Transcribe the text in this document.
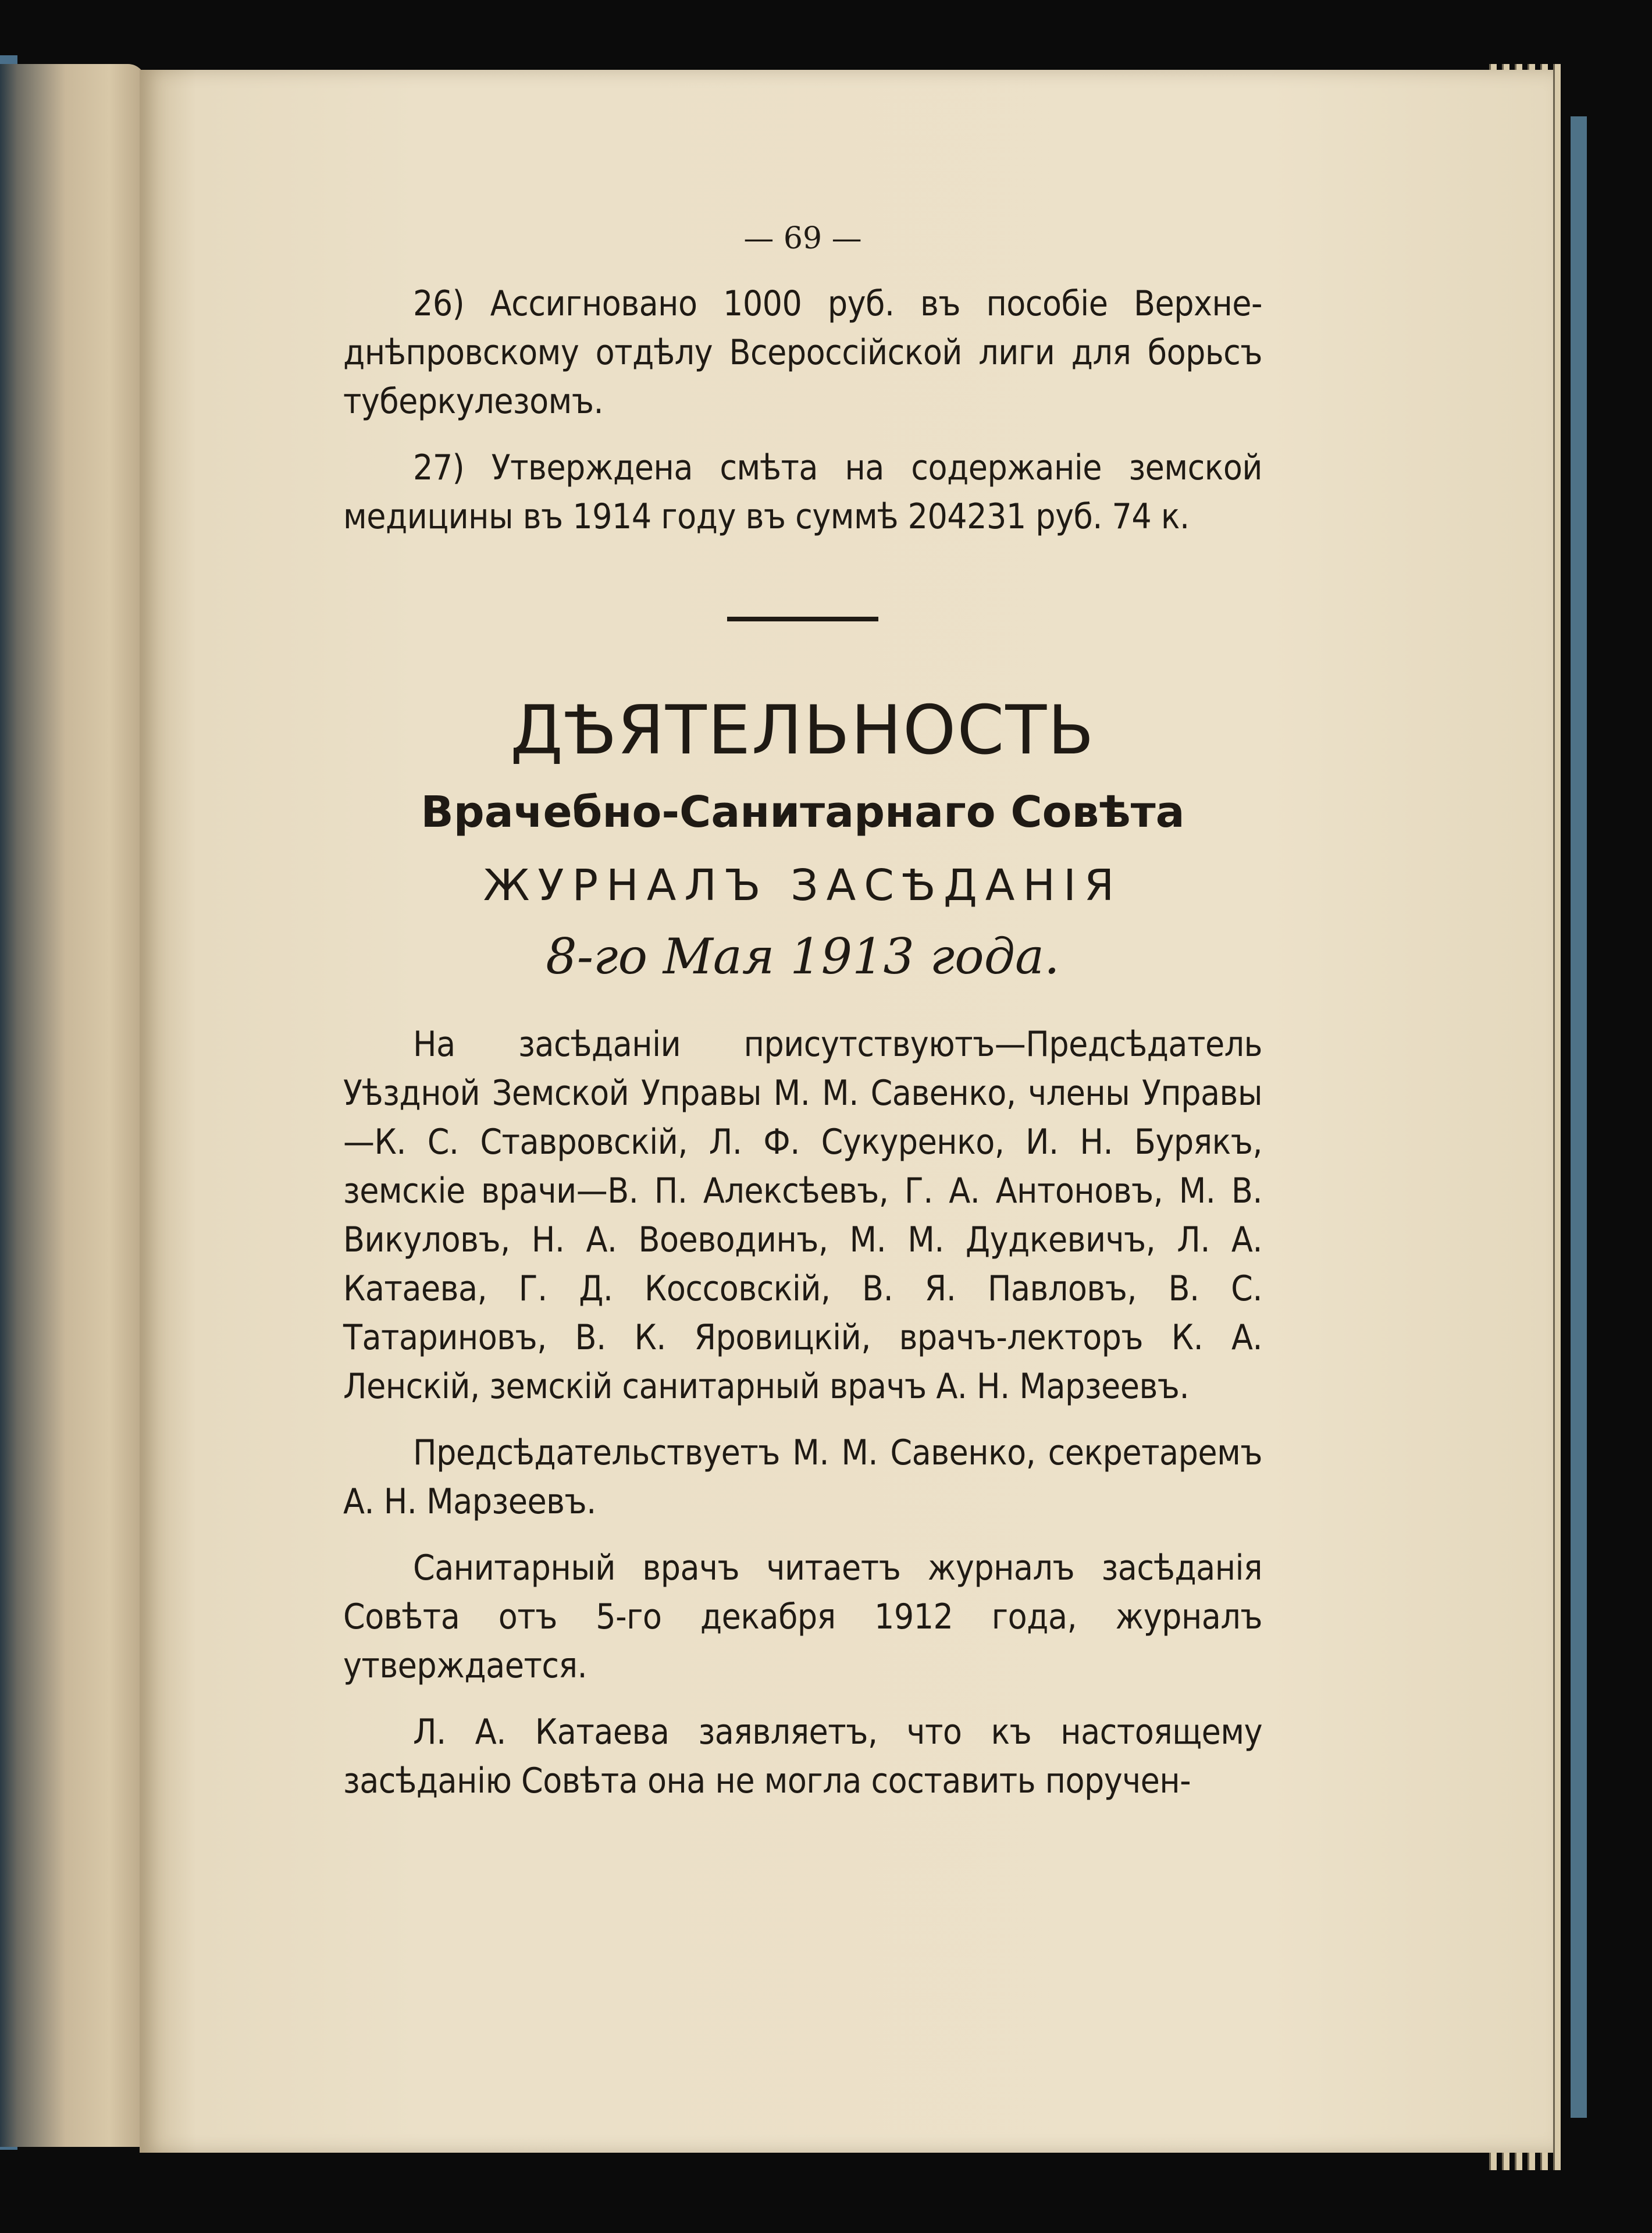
— 69 —

26) Ассигновано 1000 руб. въ пособіе Верхне-днѣпровскому отдѣлу Всероссійской лиги для борьсъ туберкулезомъ.

27) Утверждена смѣта на содержаніе земской медицины въ 1914 году въ суммѣ 204231 руб. 74 к.

ДѢЯТЕЛЬНОСТЬ
Врачебно-Санитарнаго Совѣта
ЖУРНАЛЪ ЗАСѢДАНІЯ
8-го Мая 1913 года.

На засѣданіи присутствуютъ—Предсѣдатель Уѣздной Земской Управы М. М. Савенко, члены Управы —К. С. Ставровскій, Л. Ф. Сукуренко, И. Н. Бурякъ, земскіе врачи—В. П. Алексѣевъ, Г. А. Антоновъ, М. В. Викуловъ, Н. А. Воеводинъ, М. М. Дудкевичъ, Л. А. Катаева, Г. Д. Коссовскій, В. Я. Павловъ, В. С. Татариновъ, В. К. Яровицкій, врачъ-лекторъ К. А. Ленскій, земскій санитарный врачъ А. Н. Марзеевъ.

Предсѣдательствуетъ М. М. Савенко, секретаремъ А. Н. Марзеевъ.

Санитарный врачъ читаетъ журналъ засѣданія Совѣта отъ 5-го декабря 1912 года, журналъ утверждается.

Л. А. Катаева заявляетъ, что къ настоящему засѣданію Совѣта она не могла составить поручен-
